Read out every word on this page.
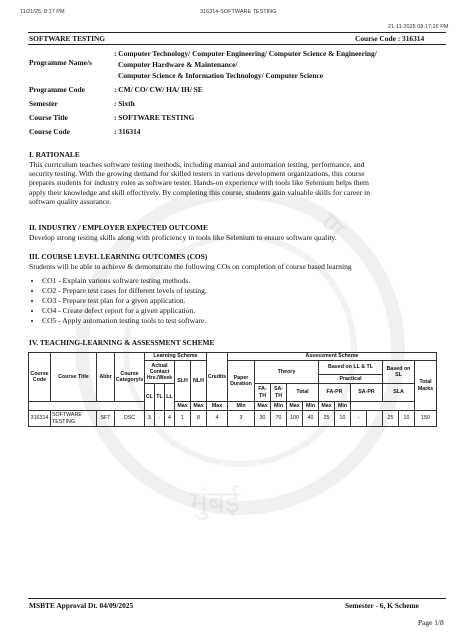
ण
मुंबई
11/21/25, 8:17 PM	316314-SOFTWARE TESTING
21-11-2025 08:17:26 PM
SOFTWARE TESTING	Course Code : 316314
Programme Name/s
: Computer Technology/ Computer Engineering/ Computer Science & Engineering/
Computer Hardware & Maintenance/
Computer Science & Information Technology/ Computer Science
Programme Code	: CM/ CO/ CW/ HA/ IH/ SE
Semester	: Sixth
Course Title	: SOFTWARE TESTING
Course Code	: 316314
I. RATIONALE
This curriculum teaches software testing methods, including manual and automation testing, performance, and
security testing. With the growing demand for skilled testers in various development organizations, this course
prepares students for industry roles as software tester. Hands-on experience with tools like Selenium helps them
apply their knowledge and skill effectively. By completing this course, students gain valuable skills for career in
software quality assurance.
II. INDUSTRY / EMPLOYER EXPECTED OUTCOME
Develop strong testing skills along with proficiency in tools like Selenium to ensure software quality.
III. COURSE LEVEL LEARNING OUTCOMES (COS)
Students will be able to achieve & demonstrate the following COs on completion of course based learning
• CO1 - Explain various software testing methods.
• CO2 - Prepare test cases for different levels of testing.
• CO3 - Prepare test plan for a given application.
• CO4 - Create defect report for a given application.
• CO5 - Apply automation testing tools to test software.
IV. TEACHING-LEARNING & ASSESSMENT SCHEME
Course Code	Course Title	Abbr	Course Category/s	Learning Scheme					Credits	Assessment Scheme											
				Actual Contact Hrs./Week			SLH	NLH		Paper Duration	Theory				Based on LL & TL				Based on SL		Total Marks
															Practical						
				CL	TL	LL					FA-TH	SA-TH	Total		FA-PR		SA-PR		SLA		
							Max	Max	Max	Min	Max	Min	Max	Min	Max	Min					
316314	SOFTWARE TESTING	SFT	DSC	3	-	4	1	8	4	3	30	70	100	40	25	10	-		25	10	150
MSBTE Approval Dt. 04/09/2025	Semester - 6, K Scheme
Page 1/8
